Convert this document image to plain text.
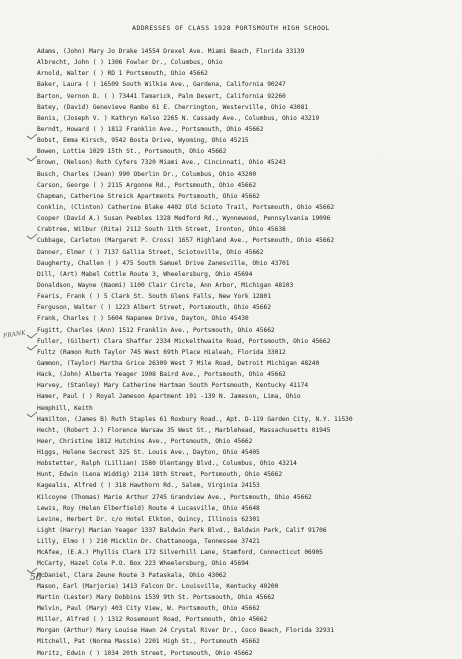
ADDRESSES OF CLASS 1928 PORTSMOUTH HIGH SCHOOL
Adams, (John) Mary Jo Drake 14554 Drexel Ave. Miami Beach, Florida 33139
Albrecht, John ( ) 1306 Fowler Dr., Columbus, Ohio
Arnold, Walter ( ) RD 1 Portsmouth, Ohio 45662
Baker, Laura ( ) 16509 South Wilkie Ave., Gardena, California 90247
Barton, Vernon D. ( ) 73441 Tamarick, Palm Desert, California 92260
Batey, (David) Genevieve Rambo 61 E. Cherrington, Westerville, Ohio 43081
Benis, (Joseph V. ) Kathryn Kelso 2265 N. Cassady Ave., Columbus, Ohio 43219
Berndt, Howard ( ) 1812 Franklin Ave., Portsmouth, Ohio 45662
Bobst, Emma Kirsch, 9542 Bosta Drive, Wyoming, Ohio 45215
Bowen, Lottie 1029 15th St., Portsmouth, Ohio 45662
Brown, (Nelson) Ruth Cyfers 7320 Miami Ave., Cincinnati, Ohio 45243
Busch, Charles (Jean) 990 Oberlin Dr., Columbus, Ohio 43200
Carson, George ( ) 2115 Argonne Rd., Portsmouth, Ohio 45662
Chapman, Catherine Streick Apartments Portsmouth, Ohio 45662
Conklin, (Clinton) Catherine Blake 4402 Old Scioto Trail, Portsmouth, Ohio 45662
Cooper (David A.) Susan Peebles 1328 Medford Rd., Wynnewood, Pennsylvania 19096
Crabtree, Wilbur (Rita) 2112 South 11th Street, Ironton, Ohio 45638
Cubbage, Carleton (Margaret P. Cross) 1657 Highland Ave., Portsmouth, Ohio 45662
Danner, Elmer ( ) 7137 Gallia Street, Sciotoville, Ohio 45662
Daugherty, Challen ( ) 475 South Samuel Drive Zanesville, Ohio 43701
Dill, (Art) Mabel Cottle Route 3, Wheelersburg, Ohio 45694
Donaldson, Wayne (Naomi) 1100 Clair Circle, Ann Arbor, Michigan 48103
Fearis, Frank ( ) 5 Clark St. South Glens Falls, New York 12801
Ferguson, Walter ( ) 1223 Albert Street, Portsmouth, Ohio 45662
Frank, Charles ( ) 5604 Napanee Drive, Dayton, Ohio 45430
Fugitt, Charles (Ann) 1512 Franklin Ave., Portsmouth, Ohio 45662
Fuller, (Gilbert) Clara Shaffer 2334 Mickelthwaite Road, Portsmouth, Ohio 45662
Fultz (Ramon Ruth Taylor 745 West 69th Place Hialeah, Florida 33012
Gammon, (Taylor) Martha Grice 26309 West 7 Mile Road, Detroit Michigan 48240
Hack, (John) Alberta Yeager 1908 Baird Ave., Portsmouth, Ohio 45662
Harvey, (Stanley) Mary Catherine Hartman South Portsmouth, Kentucky 41174
Hamer, Paul ( ) Royal Jameson Apartment 101 -139 N. Jameson, Lima, Ohio
Hemphill, Keith
Hamilton, (James B) Ruth Staples 61 Roxbury Road., Apt. D-119 Garden City, N.Y. 11530
Hecht, (Robert J.) Florence Warsaw 35 West St., Marblehead, Massachusetts 01945
Heer, Christine 1812 Hutchins Ave., Portsmouth, Ohio 45662
Higgs, Helene Secrest 325 St. Louis Ave., Dayton, Ohio 45405
Hobstetter, Ralph (Lillian) 1580 Olentangy Blvd., Columbus, Ohio 43214
Hunt, Edwin (Lena Widdig) 2114 18th Street, Portsmouth, Ohio 45662
Kagealis, Alfred ( ) 318 Hawthorn Rd., Salem, Virginia 24153
Kilcoyne (Thomas) Marie Arthur 2745 Grandview Ave., Portsmouth, Ohio 45662
Lewis, Roy (Helen Elberfield) Route 4 Lucasville, Ohio 45648
Levine, Herbert Dr. c/o Hotel Elkton, Quincy, Illinois 62301
Light (Harry) Marian Yeager 1337 Baldwin Park Blvd., Baldwin Park, Calif 91706
Lilly, Elmo ( ) 210 Micklin Dr. Chattanooga, Tennessee 37421
McAfee, (E.A.) Phyllis Clark 172 Silverhill Lane, Stamford, Connecticut 06905
McCarty, Hazel Cole P.O. Box 223 Wheelersburg, Ohio 45694
McDaniel, Clara Zeune Route 3 Pataskala, Ohio 43062
Mason, Earl (Marjorie) 1413 Falcon Dr. Louisville, Kentucky 40200
Martin (Lester) Mary Dobbins 1539 9th St. Portsmouth, Ohio 45662
Melvin, Paul (Mary) 403 City View, W. Portsmouth, Ohio 45662
Miller, Alfred ( ) 1312 Rosemount Road, Portsmouth, Ohio 45662
Morgan (Arthur) Mary Louise Hawn 24 Crystal River Dr., Coco Beach, Florida 32931
Mitchell, Pat (Norma Massie) 2201 High St., Portsmouth 45662
Moritz, Edwin ( ) 1034 20th Street, Portsmouth, Ohio 45662
FRANK
56
